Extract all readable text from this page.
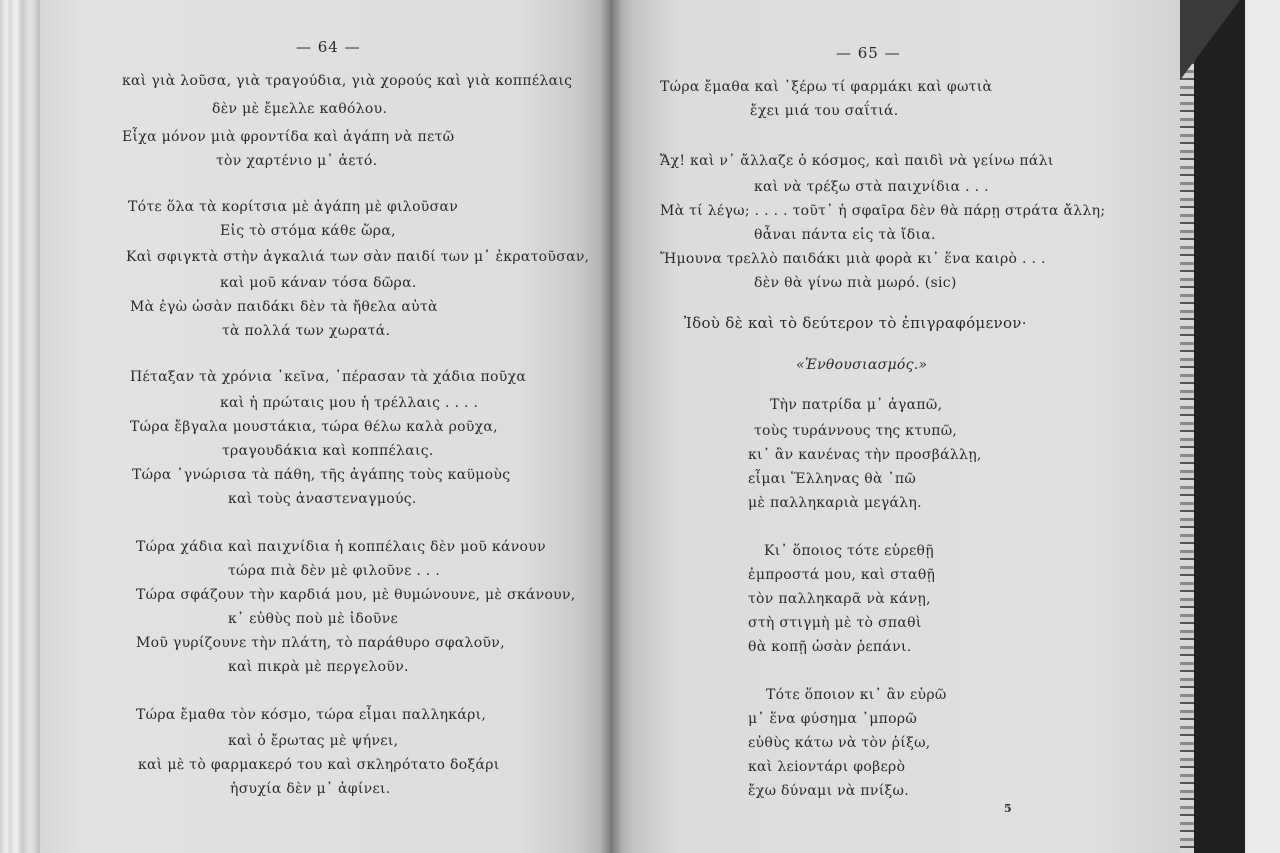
— 64 —
καὶ γιὰ λοῦσα, γιὰ τραγούδια, γιὰ χορούς καὶ γιὰ κοππέλαις
δὲν μὲ ἔμελλε καθόλου.
Εἶχα μόνον μιὰ φροντίδα καὶ ἀγάπη νὰ πετῶ
τὸν χαρτένιο μ᾽ ἀετό.
Τότε ὅλα τὰ κορίτσια μὲ ἀγάπη μὲ φιλοῦσαν
Εἰς τὸ στόμα κάθε ὥρα,
Καὶ σφιγκτὰ στὴν ἀγκαλιά των σὰν παιδί των μ᾽ ἐκρατοῦσαν,
καὶ μοῦ κάναν τόσα δῶρα.
Μὰ ἐγὼ ὡσὰν παιδάκι δὲν τὰ ἤθελα αὐτὰ
τὰ πολλά των χωρατά.
Πέταξαν τὰ χρόνια ᾽κεῖνα, ᾽πέρασαν τὰ χάδια ποῦχα
καὶ ἡ πρώταις μου ἡ τρέλλαις . . . .
Τώρα ἔβγαλα μουστάκια, τώρα θέλω καλὰ ροῦχα,
τραγουδάκια καὶ κοππέλαις.
Τώρα ᾽γνώρισα τὰ πάθη, τῆς ἀγάπης τοὺς καϋμοὺς
καὶ τοὺς ἀναστεναγμούς.
Τώρα χάδια καὶ παιχνίδια ἡ κοππέλαις δὲν μοῦ κάνουν
τώρα πιὰ δὲν μὲ φιλοῦνε . . .
Τώρα σφάζουν τὴν καρδιά μου, μὲ θυμώνουνε, μὲ σκάνουν,
κ᾽ εὐθὺς ποὺ μὲ ἰδοῦνε
Μοῦ γυρίζουνε τὴν πλάτη, τὸ παράθυρο σφαλοῦν,
καὶ πικρὰ μὲ περγελοῦν.
Τώρα ἔμαθα τὸν κόσμο, τώρα εἶμαι παλληκάρι,
καὶ ὁ ἔρωτας μὲ ψήνει,
καὶ μὲ τὸ φαρμακερό του καὶ σκληρότατο δοξάρι
ἡσυχία δὲν μ᾽ ἀφίνει.
— 65 —
Τώρα ἔμαθα καὶ ᾽ξέρω τί φαρμάκι καὶ φωτιὰ
ἔχει μιά του σαΐτιά.
Ἄχ! καὶ ν᾽ ἄλλαζε ὁ κόσμος, καὶ παιδὶ νὰ γείνω πάλι
καὶ νὰ τρέξω στὰ παιχνίδια . . .
Μὰ τί λέγω; . . . . τοῦτ᾽ ἡ σφαῖρα δὲν θὰ πάρῃ στράτα ἄλλη;
θἆναι πάντα εἰς τὰ ἴδια.
Ἤμουνα τρελλὸ παιδάκι μιὰ φορὰ κι᾽ ἕνα καιρὸ . . .
δὲν θὰ γίνω πιὰ μωρό. (sic)
Ἰδοὺ δὲ καὶ τὸ δεύτερον τὸ ἐπιγραφόμενον·
«Ἐνθουσιασμός.»
Τὴν πατρίδα μ᾽ ἀγαπῶ,
τοὺς τυράννους της κτυπῶ,
κι᾽ ἂν κανένας τὴν προσβάλλῃ,
εἶμαι Ἕλληνας θὰ ᾽πῶ
μὲ παλληκαριὰ μεγάλη.
Κι᾽ ὅποιος τότε εὑρεθῇ
ἐμπροστά μου, καὶ σταθῇ
τὸν παλληκαρᾶ νὰ κάνῃ,
στὴ στιγμὴ μὲ τὸ σπαθὶ
θὰ κοπῇ ὡσὰν ῥεπάνι.
Τότε ὅποιον κι᾽ ἂν εὑρῶ
μ᾽ ἕνα φύσημα ᾽μπορῶ
εὐθὺς κάτω νὰ τὸν ῥίξω,
καὶ λεiοντάρι φοβερὸ
ἔχω δύναμι νὰ πνίξω.
5
